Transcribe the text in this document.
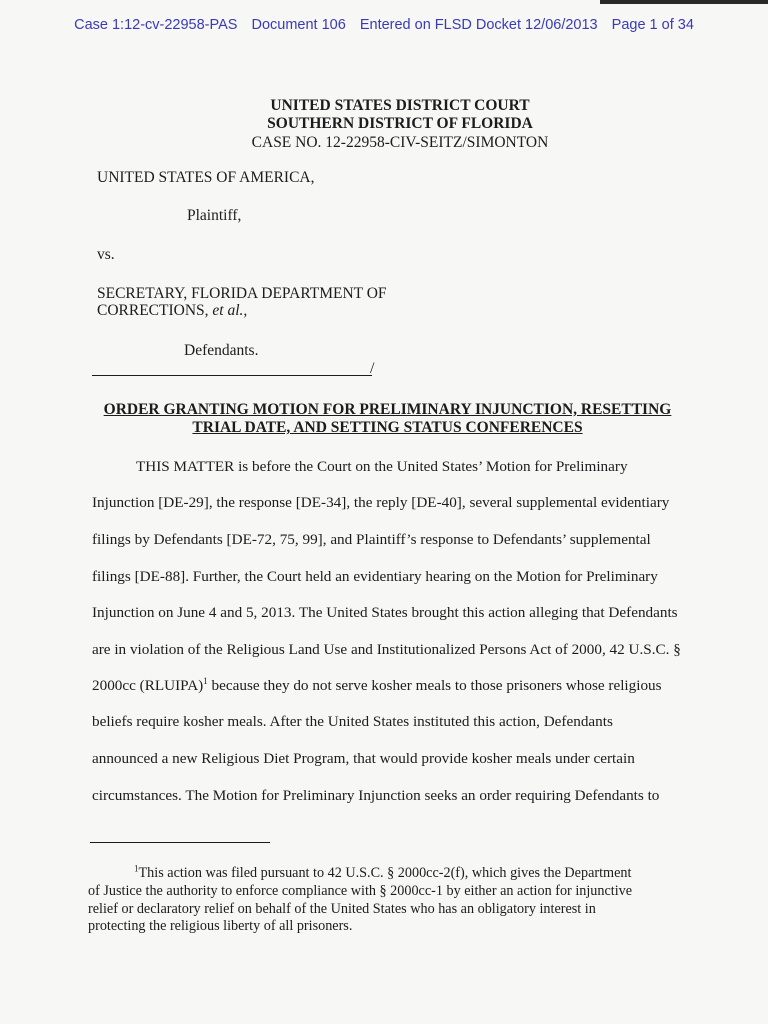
Case 1:12-cv-22958-PAS Document 106 Entered on FLSD Docket 12/06/2013 Page 1 of 34
UNITED STATES DISTRICT COURT
SOUTHERN DISTRICT OF FLORIDA
CASE NO. 12-22958-CIV-SEITZ/SIMONTON
UNITED STATES OF AMERICA,
Plaintiff,
vs.
SECRETARY, FLORIDA DEPARTMENT OF
CORRECTIONS, et al.,
Defendants.
/
ORDER GRANTING MOTION FOR PRELIMINARY INJUNCTION, RESETTING
TRIAL DATE, AND SETTING STATUS CONFERENCES
THIS MATTER is before the Court on the United States’ Motion for Preliminary
Injunction [DE-29], the response [DE-34], the reply [DE-40], several supplemental evidentiary
filings by Defendants [DE-72, 75, 99], and Plaintiff’s response to Defendants’ supplemental
filings [DE-88]. Further, the Court held an evidentiary hearing on the Motion for Preliminary
Injunction on June 4 and 5, 2013. The United States brought this action alleging that Defendants
are in violation of the Religious Land Use and Institutionalized Persons Act of 2000, 42 U.S.C. §
2000cc (RLUIPA)$^1$ because they do not serve kosher meals to those prisoners whose religious
beliefs require kosher meals. After the United States instituted this action, Defendants
announced a new Religious Diet Program, that would provide kosher meals under certain
circumstances. The Motion for Preliminary Injunction seeks an order requiring Defendants to
$^1$This action was filed pursuant to 42 U.S.C. § 2000cc-2(f), which gives the Department
of Justice the authority to enforce compliance with § 2000cc-1 by either an action for injunctive
relief or declaratory relief on behalf of the United States who has an obligatory interest in
protecting the religious liberty of all prisoners.
